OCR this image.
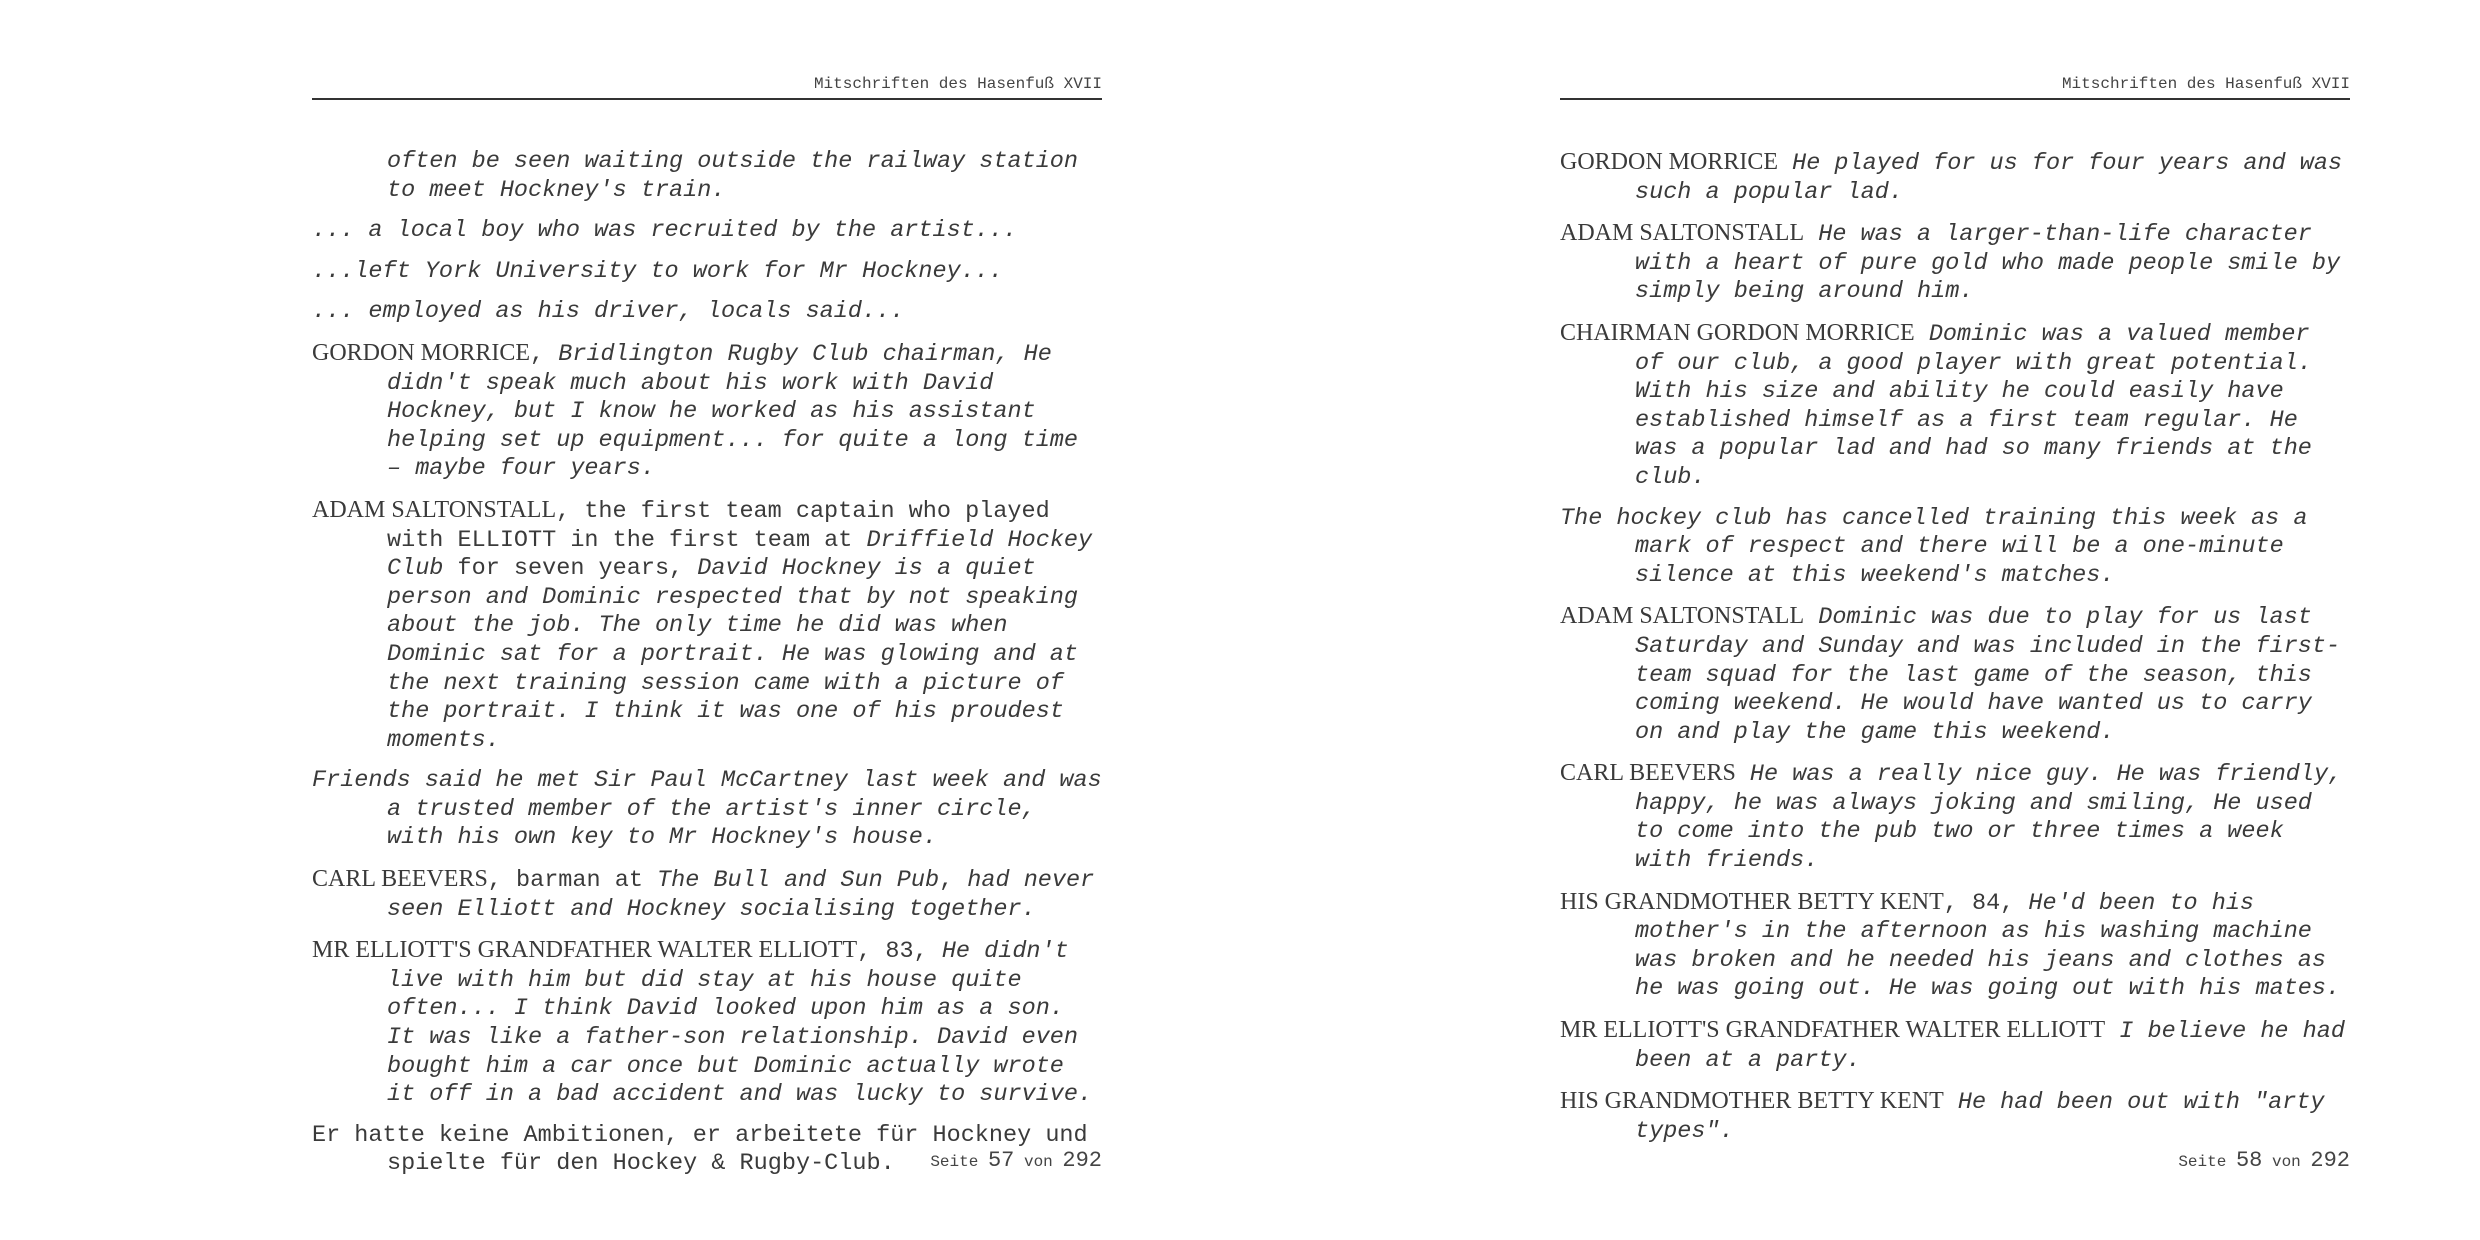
Mitschriften des Hasenfuß XVII

often be seen waiting outside the railway station to meet Hockney's train.

... a local boy who was recruited by the artist...

...left York University to work for Mr Hockney...

... employed as his driver, locals said...

GORDON MORRICE, Bridlington Rugby Club chairman, He didn't speak much about his work with David Hockney, but I know he worked as his assistant helping set up equipment... for quite a long time – maybe four years.

ADAM SALTONSTALL, the first team captain who played with ELLIOTT in the first team at Driffield Hockey Club for seven years, David Hockney is a quiet person and Dominic respected that by not speaking about the job. The only time he did was when Dominic sat for a portrait. He was glowing and at the next training session came with a picture of the portrait. I think it was one of his proudest moments.

Friends said he met Sir Paul McCartney last week and was a trusted member of the artist's inner circle, with his own key to Mr Hockney's house.

CARL BEEVERS, barman at The Bull and Sun Pub, had never seen Elliott and Hockney socialising together.

MR ELLIOTT'S GRANDFATHER WALTER ELLIOTT, 83, He didn't live with him but did stay at his house quite often... I think David looked upon him as a son. It was like a father-son relationship. David even bought him a car once but Dominic actually wrote it off in a bad accident and was lucky to survive.

Er hatte keine Ambitionen, er arbeitete für Hockney und spielte für den Hockey & Rugby-Club.	Seite 57 von 292
Mitschriften des Hasenfuß XVII

GORDON MORRICE He played for us for four years and was such a popular lad.

ADAM SALTONSTALL He was a larger-than-life character with a heart of pure gold who made people smile by simply being around him.

CHAIRMAN GORDON MORRICE Dominic was a valued member of our club, a good player with great potential. With his size and ability he could easily have established himself as a first team regular. He was a popular lad and had so many friends at the club.

The hockey club has cancelled training this week as a mark of respect and there will be a one-minute silence at this weekend's matches.

ADAM SALTONSTALL Dominic was due to play for us last Saturday and Sunday and was included in the first-team squad for the last game of the season, this coming weekend. He would have wanted us to carry on and play the game this weekend.

CARL BEEVERS He was a really nice guy. He was friendly, happy, he was always joking and smiling, He used to come into the pub two or three times a week with friends.

HIS GRANDMOTHER BETTY KENT, 84, He'd been to his mother's in the afternoon as his washing machine was broken and he needed his jeans and clothes as he was going out. He was going out with his mates.

MR ELLIOTT'S GRANDFATHER WALTER ELLIOTT I believe he had been at a party.

HIS GRANDMOTHER BETTY KENT He had been out with "arty types".

Seite 58 von 292
